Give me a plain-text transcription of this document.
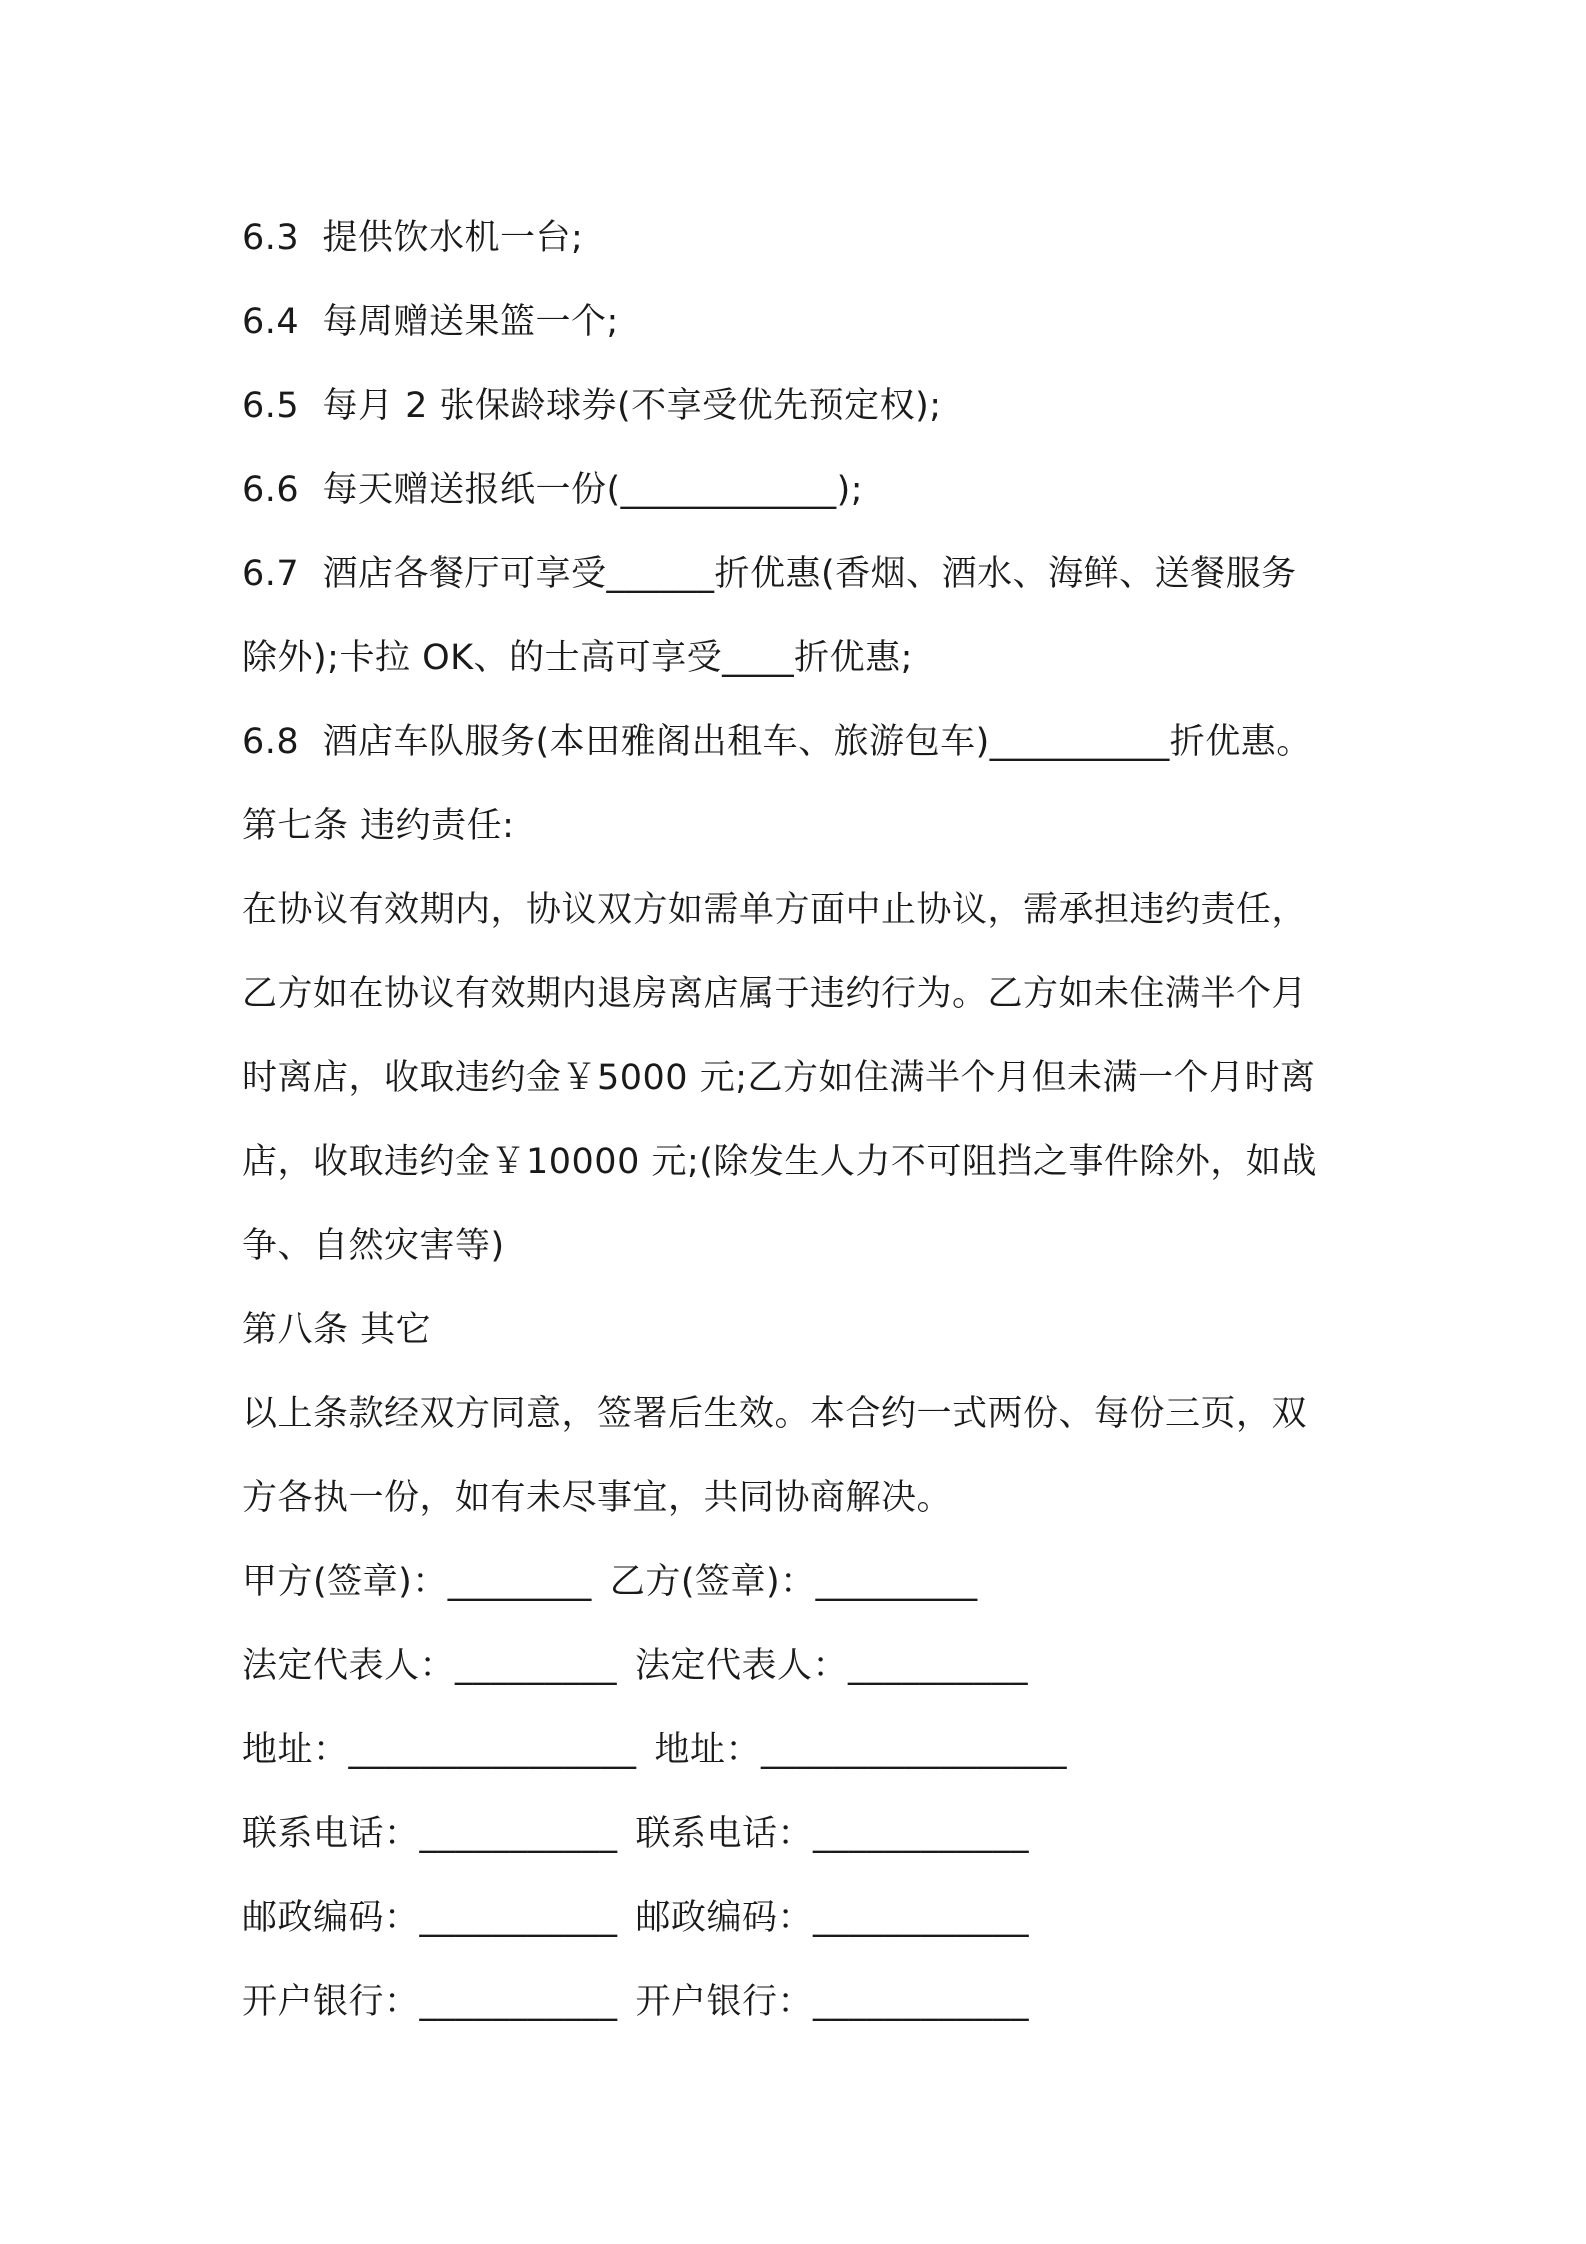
6.3 提供饮水机一台;
6.4 每周赠送果篮一个;
6.5 每月 2 张保龄球券(不享受优先预定权);
6.6 每天赠送报纸一份(____________);
6.7 酒店各餐厅可享受______折优惠(香烟、酒水、海鲜、送餐服务
除外);卡拉 OK、的士高可享受____折优惠;
6.8 酒店车队服务(本田雅阁出租车、旅游包车)__________折优惠。
第七条 违约责任:
在协议有效期内，协议双方如需单方面中止协议，需承担违约责任，
乙方如在协议有效期内退房离店属于违约行为。乙方如未住满半个月
时离店，收取违约金￥5000 元;乙方如住满半个月但未满一个月时离
店，收取违约金￥10000 元;(除发生人力不可阻挡之事件除外，如战
争、自然灾害等)
第八条 其它
以上条款经双方同意，签署后生效。本合约一式两份、每份三页，双
方各执一份，如有未尽事宜，共同协商解决。
甲方(签章)：________ 乙方(签章)：_________
法定代表人：_________ 法定代表人：__________
地址：________________ 地址：_________________
联系电话：___________ 联系电话：____________
邮政编码：___________ 邮政编码：____________
开户银行：___________ 开户银行：____________
